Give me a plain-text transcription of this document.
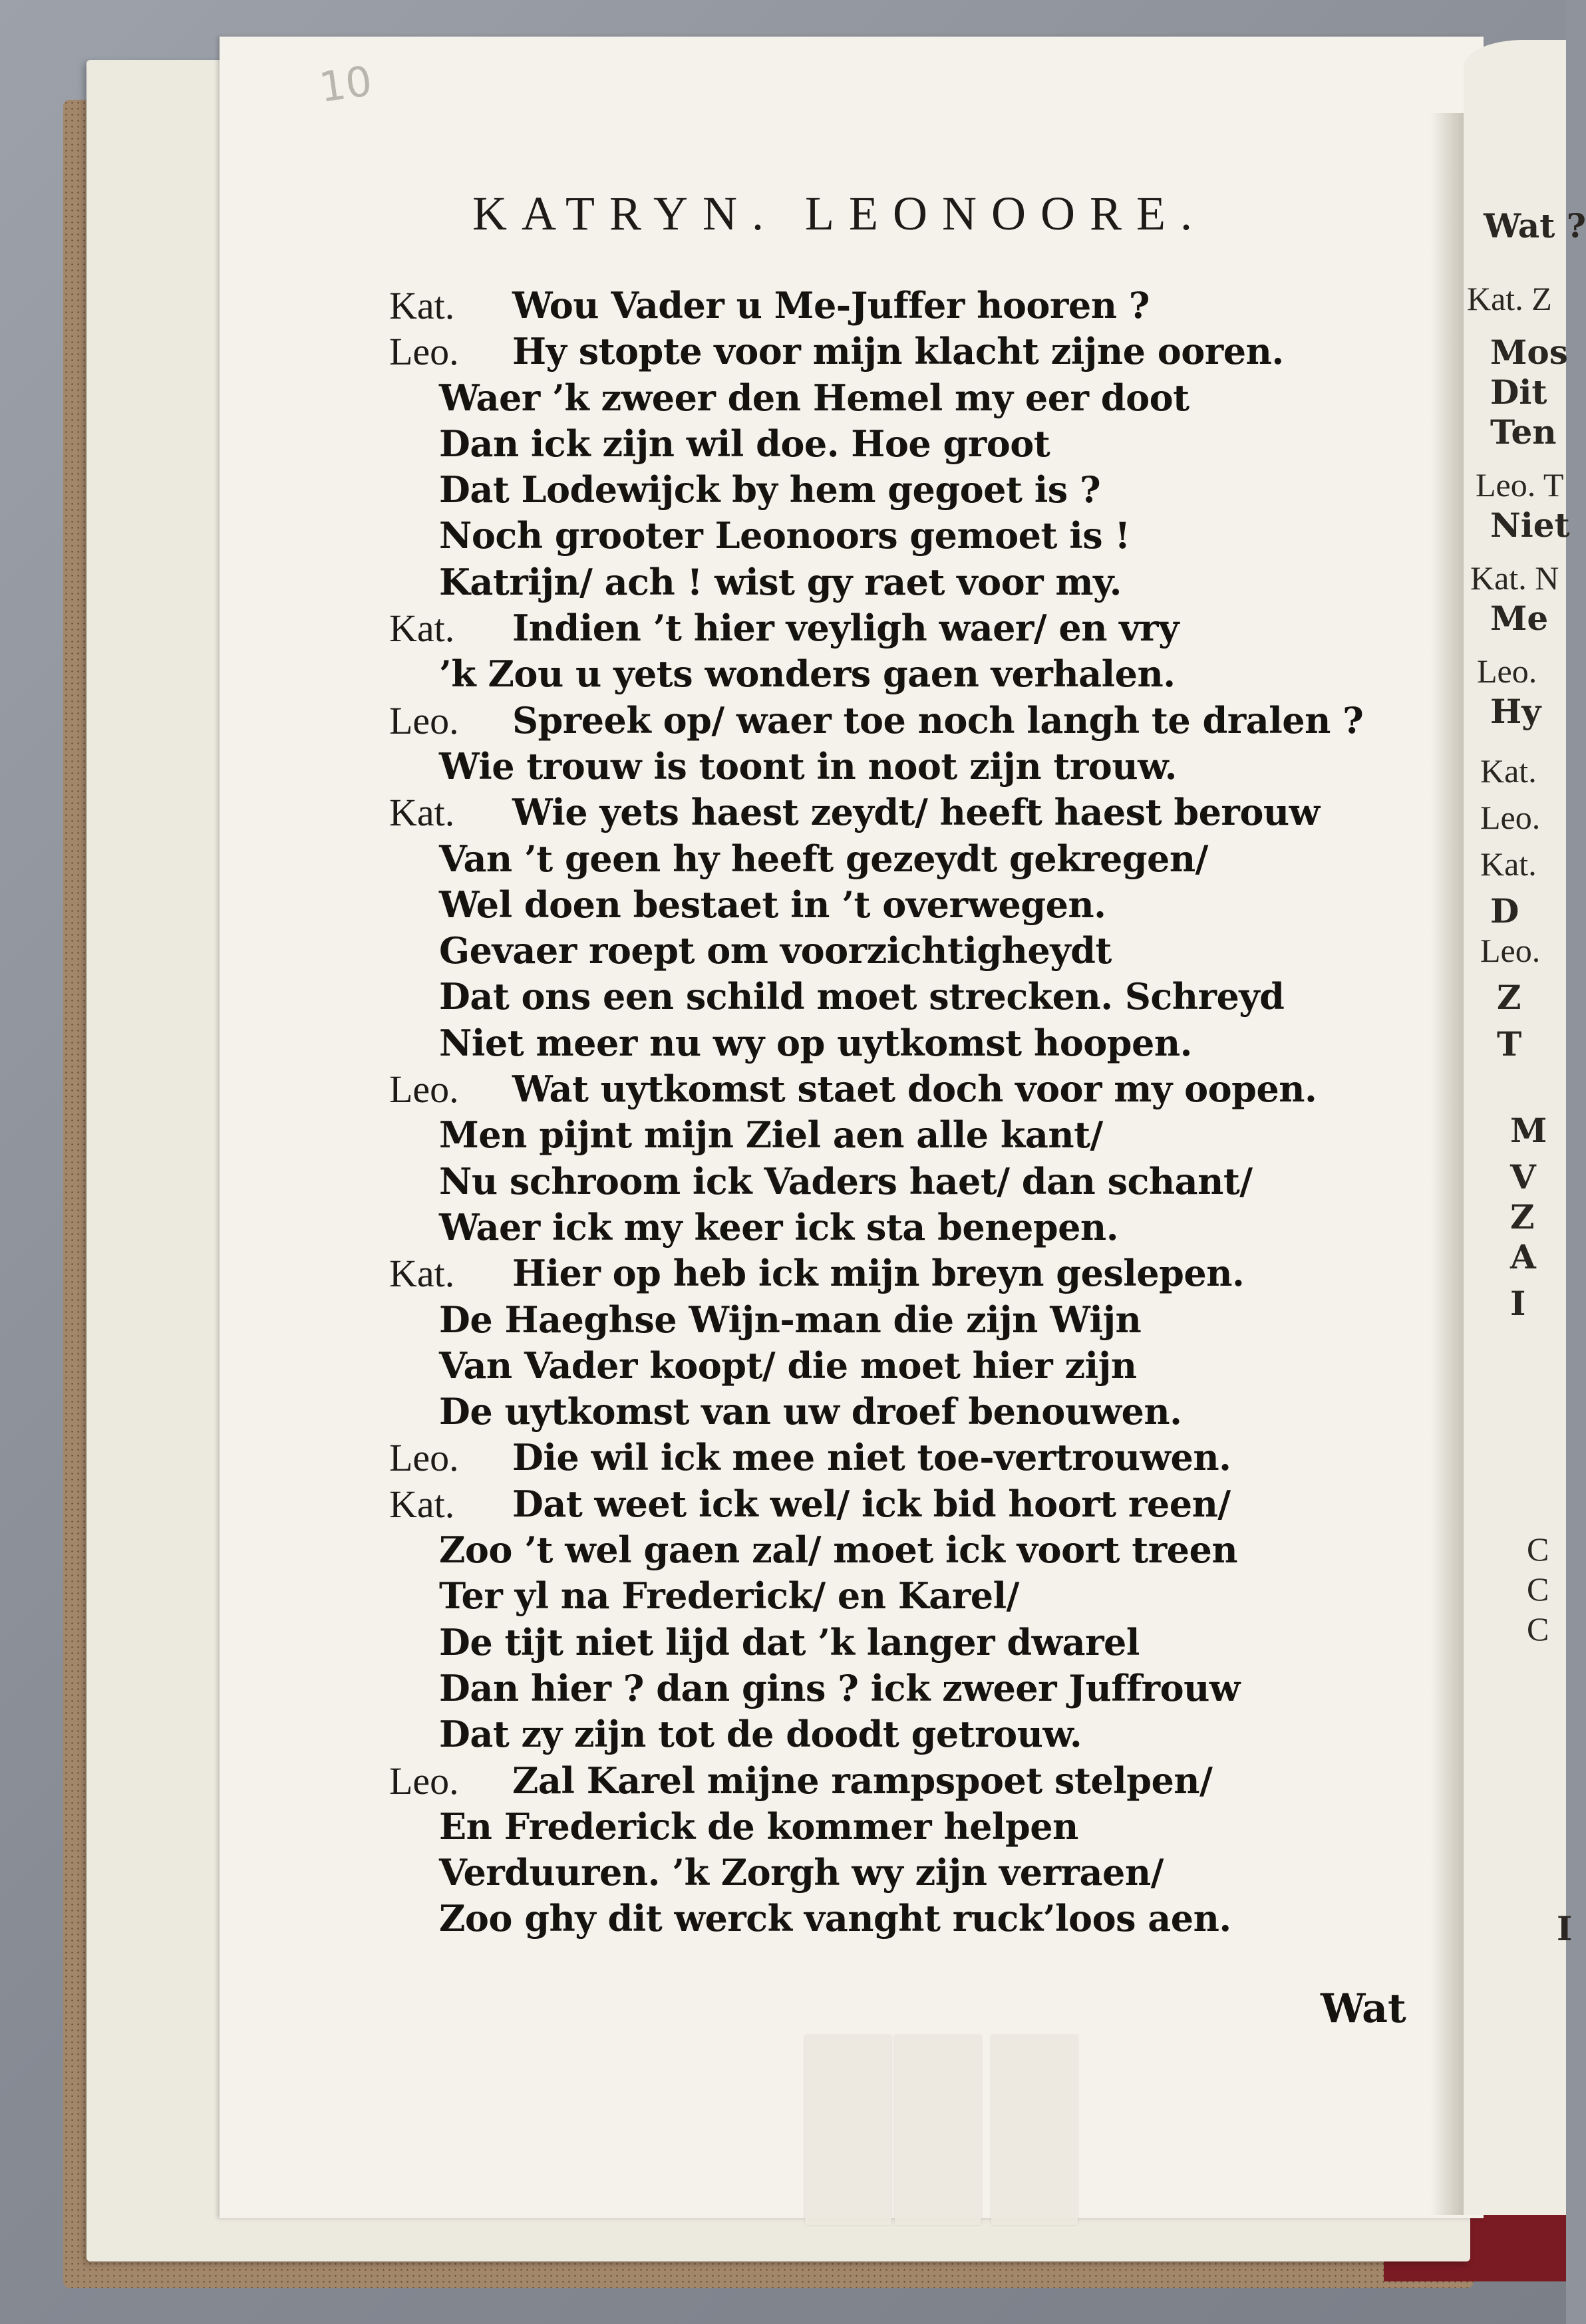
10
KATRYN. LEONOORE.
Kat. Wou Vader u Me-Juffer hooren ?
Leo. Hy stopte voor mijn klacht zijne ooren.
Waer ’k zweer den Hemel my eer doot
Dan ick zijn wil doe. Hoe groot
Dat Lodewijck by hem gegoet is ?
Noch grooter Leonoors gemoet is !
Katrijn/ ach ! wist gy raet voor my.
Kat. Indien ’t hier veyligh waer/ en vry
’k Zou u yets wonders gaen verhalen.
Leo. Spreek op/ waer toe noch langh te dralen ?
Wie trouw is toont in noot zijn trouw.
Kat. Wie yets haest zeydt/ heeft haest berouw
Van ’t geen hy heeft gezeydt gekregen/
Wel doen bestaet in ’t overwegen.
Gevaer roept om voorzichtigheydt
Dat ons een schild moet strecken. Schreyd
Niet meer nu wy op uytkomst hoopen.
Leo. Wat uytkomst staet doch voor my oopen.
Men pijnt mijn Ziel aen alle kant/
Nu schroom ick Vaders haet/ dan schant/
Waer ick my keer ick sta benepen.
Kat. Hier op heb ick mijn breyn geslepen.
De Haeghse Wijn-man die zijn Wijn
Van Vader koopt/ die moet hier zijn
De uytkomst van uw droef benouwen.
Leo. Die wil ick mee niet toe-vertrouwen.
Kat. Dat weet ick wel/ ick bid hoort reen/
Zoo ’t wel gaen zal/ moet ick voort treen
Ter yl na Frederick/ en Karel/
De tijt niet lijd dat ’k langer dwarel
Dan hier ? dan gins ? ick zweer Juffrouw
Dat zy zijn tot de doodt getrouw.
Leo. Zal Karel mijne rampspoet stelpen/
En Frederick de kommer helpen
Verduuren. ’k Zorgh wy zijn verraen/
Zoo ghy dit werck vanght ruck’loos aen.
Wat
Wat ?
Kat. Z
Mos
Dit
Ten
Leo. T
Niet
Kat. N
Me
Leo.
Hy
Kat.
Leo.
Kat.
D
Leo.
Z
T
M
V
Z
A
I
C
C
C
I
